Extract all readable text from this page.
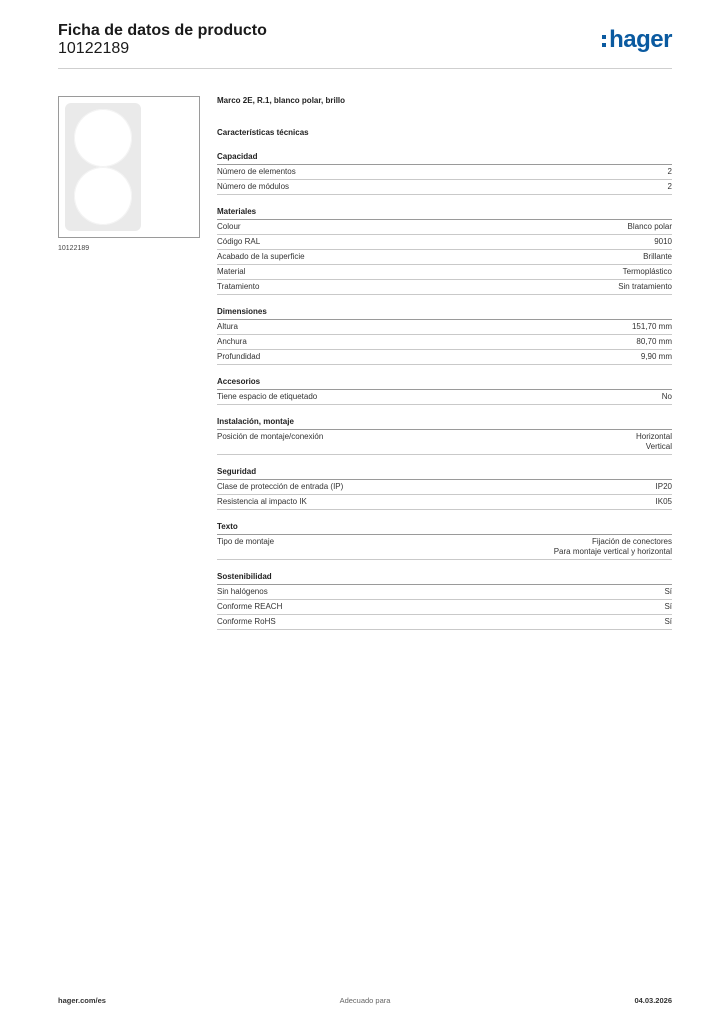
Ficha de datos de producto
10122189	hager
10122189
Marco 2E, R.1, blanco polar, brillo
Características técnicas
Capacidad
Número de elementos	2
Número de módulos	2
Materiales
Colour	Blanco polar
Código RAL	9010
Acabado de la superficie	Brillante
Material	Termoplástico
Tratamiento	Sin tratamiento
Dimensiones
Altura	151,70 mm
Anchura	80,70 mm
Profundidad	9,90 mm
Accesorios
Tiene espacio de etiquetado	No
Instalación, montaje
Posición de montaje/conexión	Horizontal
Vertical
Seguridad
Clase de protección de entrada (IP)	IP20
Resistencia al impacto IK	IK05
Texto
Tipo de montaje	Fijación de conectores
Para montaje vertical y horizontal
Sostenibilidad
Sin halógenos	Sí
Conforme REACH	Sí
Conforme RoHS	Sí
hager.com/es	Adecuado para	04.03.2026
